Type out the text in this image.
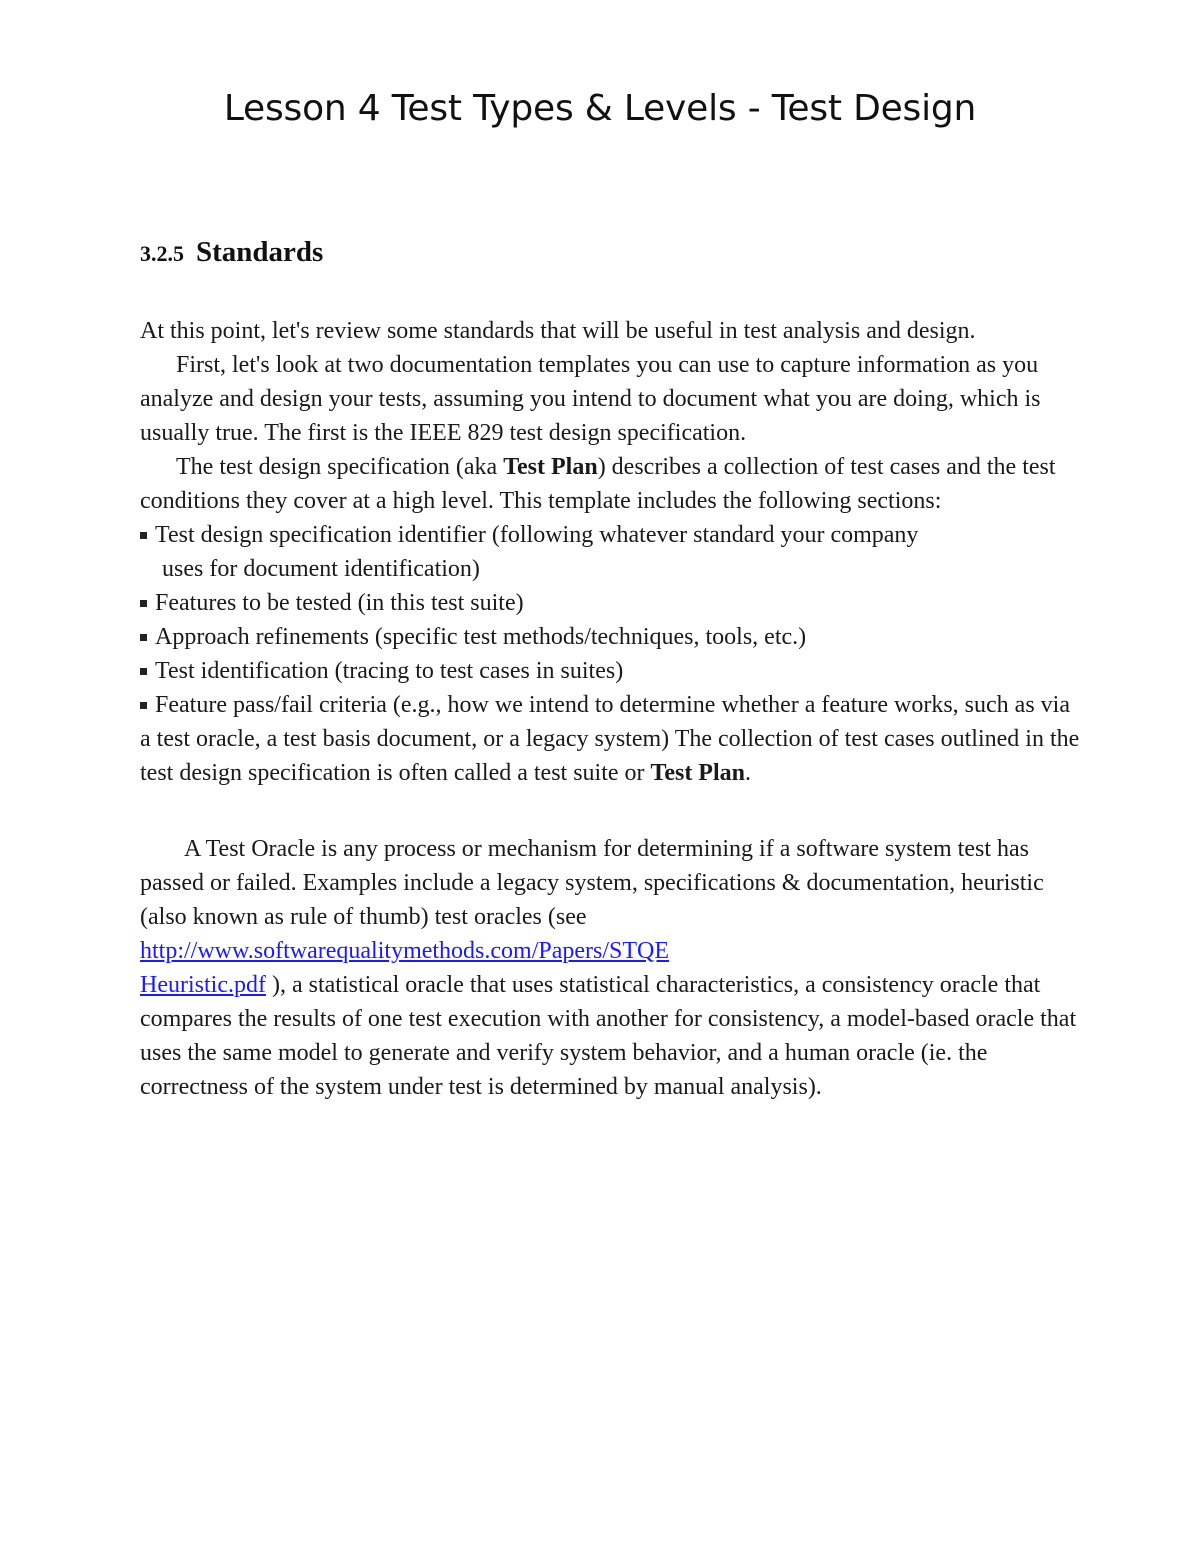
Lesson 4 Test Types & Levels - Test Design
3.2.5 Standards

At this point, let's review some standards that will be useful in test analysis and design.

First, let's look at two documentation templates you can use to capture information as you analyze and design your tests, assuming you intend to document what you are doing, which is usually true. The first is the IEEE 829 test design specification.

The test design specification (aka Test Plan) describes a collection of test cases and the test conditions they cover at a high level. This template includes the following sections:

Test design specification identifier (following whatever standard your company
uses for document identification)
Features to be tested (in this test suite)
Approach refinements (specific test methods/techniques, tools, etc.)
Test identification (tracing to test cases in suites)
Feature pass/fail criteria (e.g., how we intend to determine whether a feature works, such as via a test oracle, a test basis document, or a legacy system) The collection of test cases outlined in the test design specification is often called a test suite or Test Plan.

A Test Oracle is any process or mechanism for determining if a software system test has passed or failed. Examples include a legacy system, specifications & documentation, heuristic (also known as rule of thumb) test oracles (see http://www.softwarequalitymethods.com/Papers/STQE
Heuristic.pdf ), a statistical oracle that uses statistical characteristics, a consistency oracle that compares the results of one test execution with another for consistency, a model-based oracle that uses the same model to generate and verify system behavior, and a human oracle (ie. the correctness of the system under test is determined by manual analysis).
